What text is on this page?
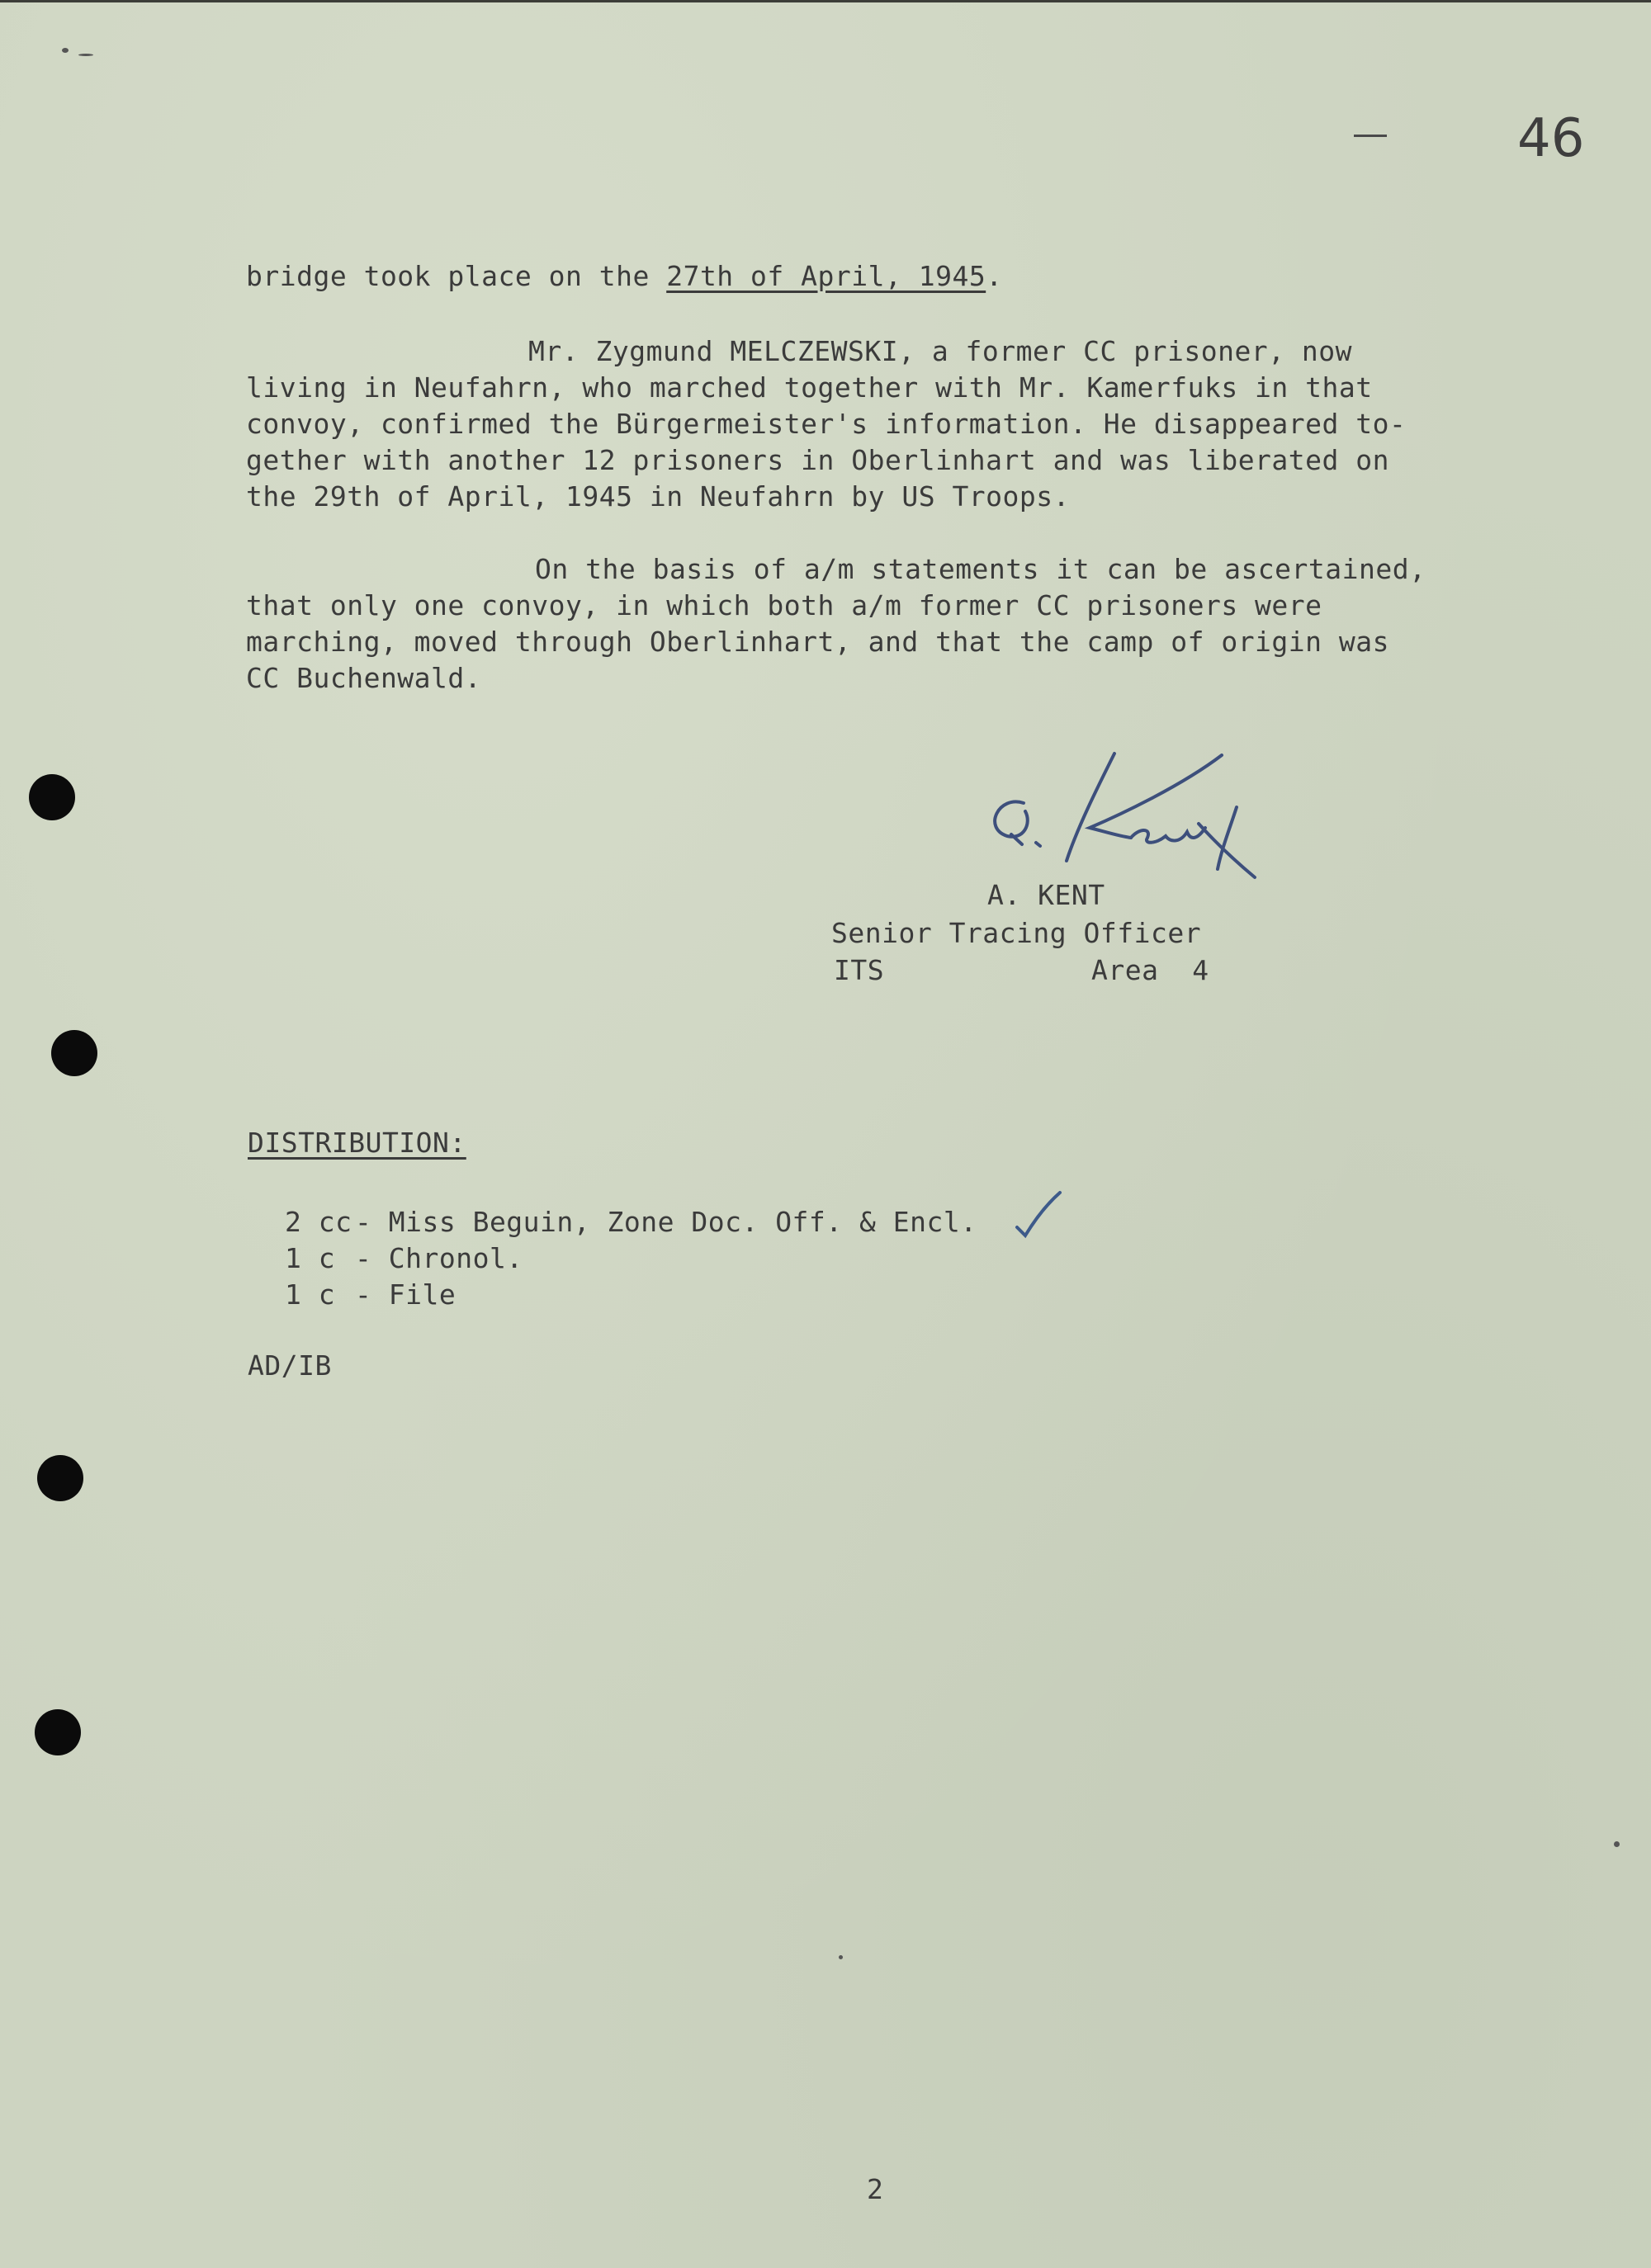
46
bridge took place on the 27th of April, 1945.
Mr. Zygmund MELCZEWSKI, a former CC prisoner, now
living in Neufahrn, who marched together with Mr. Kamerfuks in that
convoy, confirmed the Bürgermeister's information. He disappeared to-
gether with another 12 prisoners in Oberlinhart and was liberated on
the 29th of April, 1945 in Neufahrn by US Troops.
On the basis of a/m statements it can be ascertained,
that only one convoy, in which both a/m former CC prisoners were
marching, moved through Oberlinhart, and that the camp of origin was
CC Buchenwald.
A. KENT
Senior Tracing Officer
ITS	Area  4
DISTRIBUTION:
2 cc - Miss Beguin, Zone Doc. Off. & Encl.
1 c - Chronol.
1 c - File
AD/IB
2
